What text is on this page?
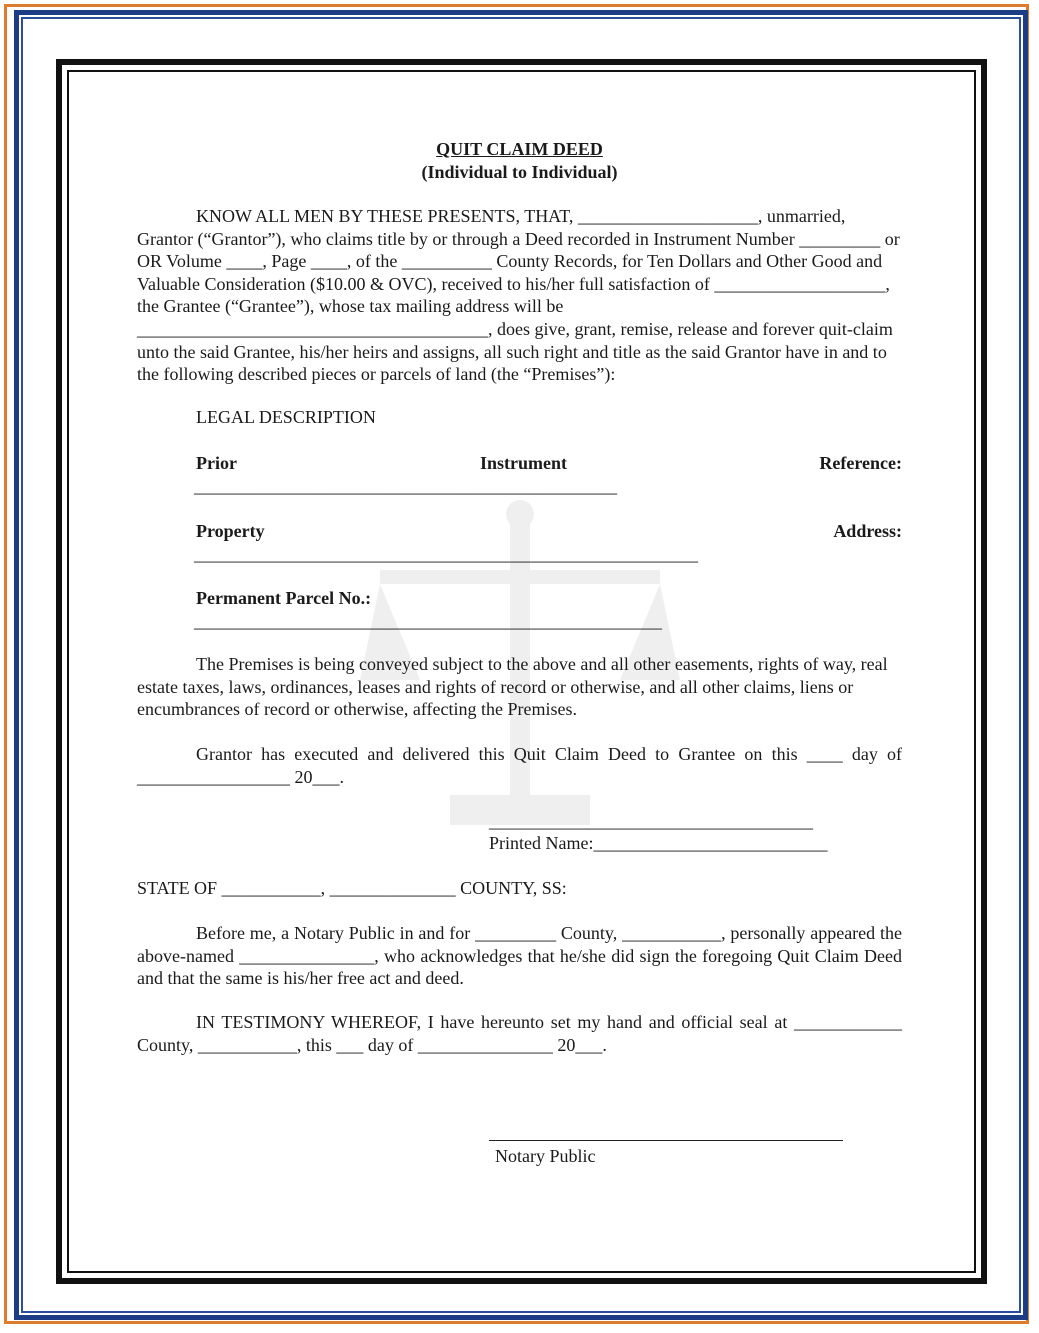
QUIT CLAIM DEED
(Individual to Individual)

KNOW ALL MEN BY THESE PRESENTS, THAT, ____________________, unmarried, Grantor (“Grantor”), who claims title by or through a Deed recorded in Instrument Number _________ or OR Volume ____, Page ____, of the __________ County Records, for Ten Dollars and Other Good and Valuable Consideration ($10.00 & OVC), received to his/her full satisfaction of ___________________, the Grantee (“Grantee”), whose tax mailing address will be _______________________________________, does give, grant, remise, release and forever quit-claim unto the said Grantee, his/her heirs and assigns, all such right and title as the said Grantor have in and to the following described pieces or parcels of land (the “Premises”):

LEGAL DESCRIPTION
Prior	Instrument	Reference:
_______________________________________________
Property	Address:
________________________________________________________
Permanent Parcel No.:
____________________________________________________

The Premises is being conveyed subject to the above and all other easements, rights of way, real estate taxes, laws, ordinances, leases and rights of record or otherwise, and all other claims, liens or encumbrances of record or otherwise, affecting the Premises.

Grantor has executed and delivered this Quit Claim Deed to Grantee on this ____ day of _________________ 20___.

____________________________________
Printed Name:__________________________
STATE OF ___________, ______________ COUNTY, SS:

Before me, a Notary Public in and for _________ County, ___________, personally appeared the above-named _______________, who acknowledges that he/she did sign the foregoing Quit Claim Deed and that the same is his/her free act and deed.

IN TESTIMONY WHEREOF, I have hereunto set my hand and official seal at ____________ County, ___________, this ___ day of _______________ 20___.

Notary Public
